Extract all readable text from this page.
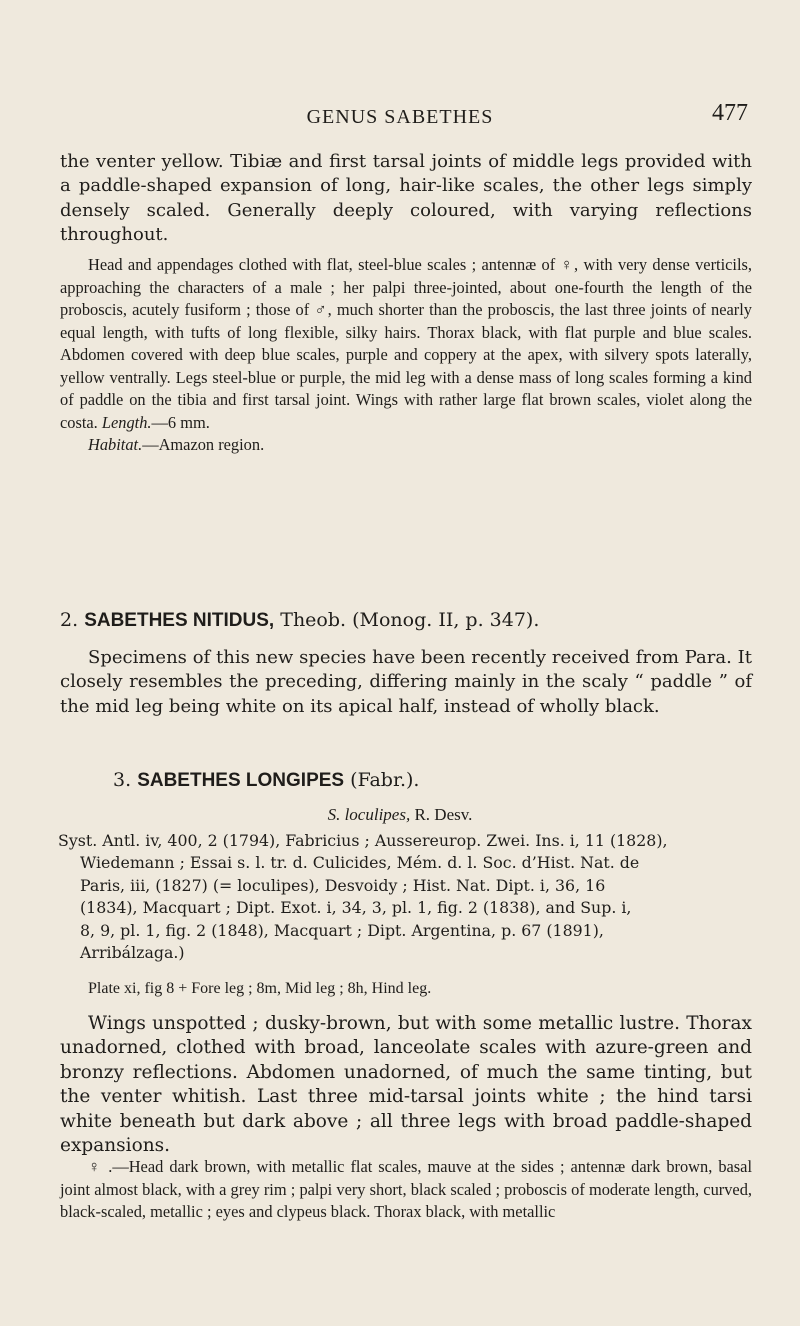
GENUS SABETHES	477

the venter yellow. Tibiæ and first tarsal joints of middle legs provided with a paddle-shaped expansion of long, hair-like scales, the other legs simply densely scaled. Generally deeply coloured, with varying reflections throughout.

Head and appendages clothed with flat, steel-blue scales ; antennæ of ♀, with very dense verticils, approaching the characters of a male ; her palpi three-jointed, about one-fourth the length of the proboscis, acutely fusiform ; those of ♂, much shorter than the proboscis, the last three joints of nearly equal length, with tufts of long flexible, silky hairs. Thorax black, with flat purple and blue scales. Abdomen covered with deep blue scales, purple and coppery at the apex, with silvery spots laterally, yellow ventrally. Legs steel-blue or purple, the mid leg with a dense mass of long scales forming a kind of paddle on the tibia and first tarsal joint. Wings with rather large flat brown scales, violet along the costa. Length.—6 mm.

Habitat.—Amazon region.

2. SABETHES NITIDUS, Theob. (Monog. II, p. 347).

Specimens of this new species have been recently received from Para. It closely resembles the preceding, differing mainly in the scaly “ paddle ” of the mid leg being white on its apical half, instead of wholly black.

3. SABETHES LONGIPES (Fabr.).
S. loculipes, R. Desv.

Syst. Antl. iv, 400, 2 (1794), Fabricius ; Aussereurop. Zwei. Ins. i, 11 (1828),

Wiedemann ; Essai s. l. tr. d. Culicides, Mém. d. l. Soc. d’Hist. Nat. de

Paris, iii, (1827) (= loculipes), Desvoidy ; Hist. Nat. Dipt. i, 36, 16

(1834), Macquart ; Dipt. Exot. i, 34, 3, pl. 1, fig. 2 (1838), and Sup. i,

8, 9, pl. 1, fig. 2 (1848), Macquart ; Dipt. Argentina, p. 67 (1891),

Arribálzaga.)

Plate xi, fig 8 + Fore leg ; 8m, Mid leg ; 8h, Hind leg.

Wings unspotted ; dusky-brown, but with some metallic lustre. Thorax unadorned, clothed with broad, lanceolate scales with azure-green and bronzy reflections. Abdomen unadorned, of much the same tinting, but the venter whitish. Last three mid-tarsal joints white ; the hind tarsi white beneath but dark above ; all three legs with broad paddle-shaped expansions.

♀ .—Head dark brown, with metallic flat scales, mauve at the sides ; antennæ dark brown, basal joint almost black, with a grey rim ; palpi very short, black scaled ; proboscis of moderate length, curved, black-scaled, metallic ; eyes and clypeus black. Thorax black, with metallic
